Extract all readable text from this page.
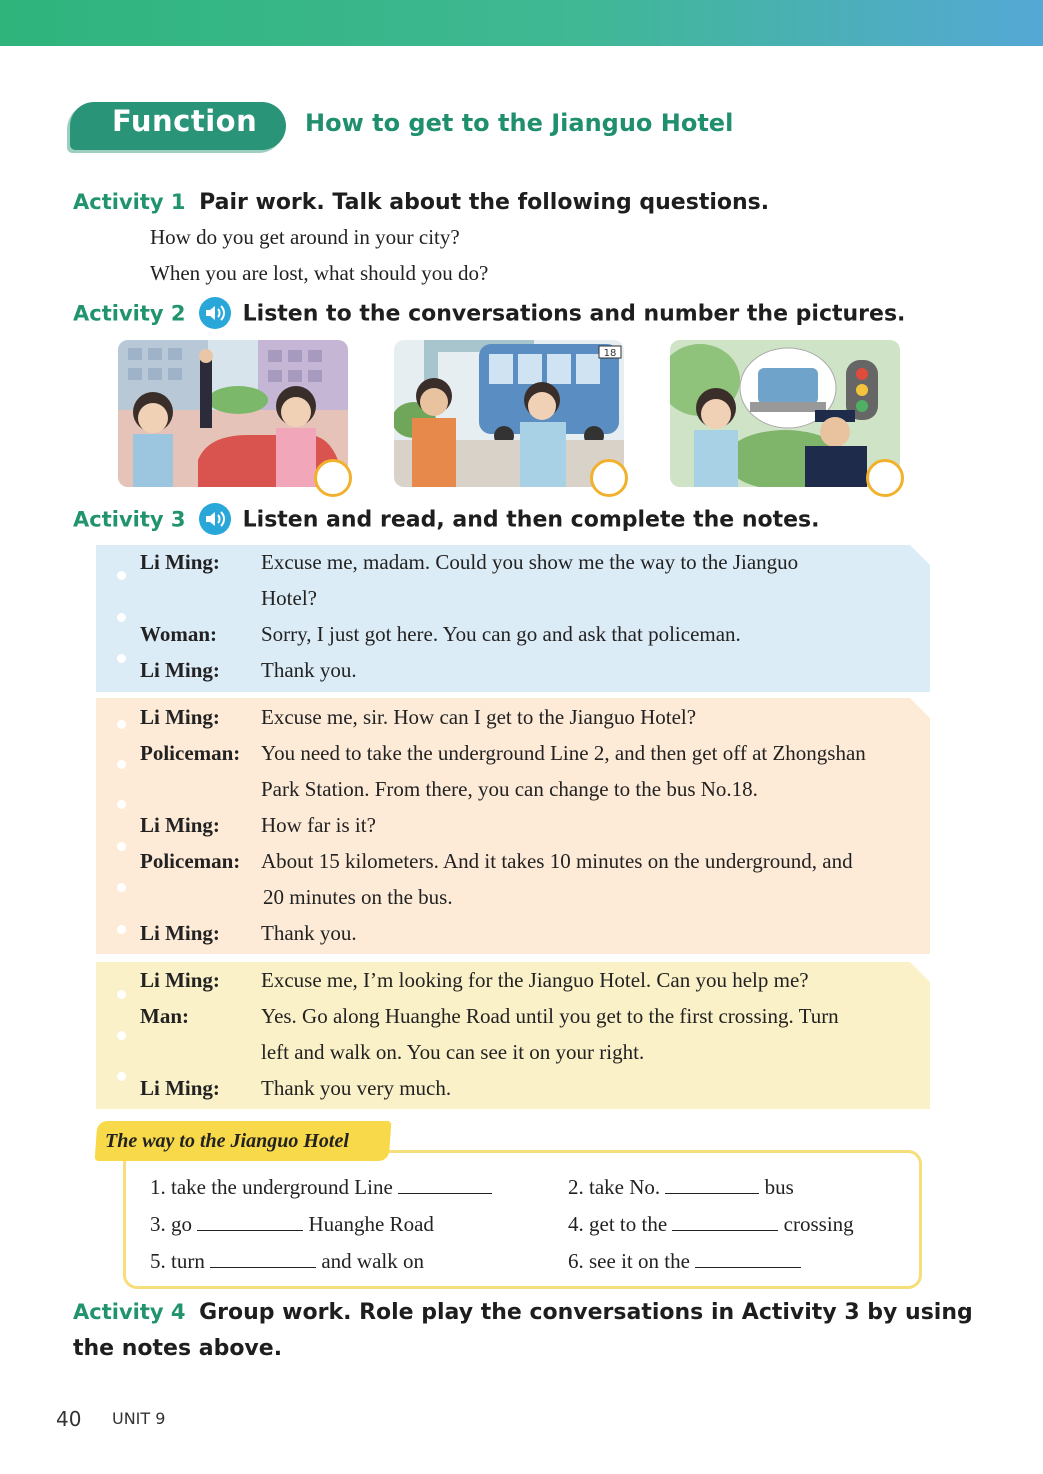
Function How to get to the Jianguo Hotel
Activity 1 Pair work. Talk about the following questions.
How do you get around in your city?
When you are lost, what should you do?
Activity 2	Listen to the conversations and number the pictures.
18
Activity 3	Listen and read, and then complete the notes.
Li Ming: Excuse me, madam. Could you show me the way to the Jianguo
Hotel?
Woman: Sorry, I just got here. You can go and ask that policeman.
Li Ming: Thank you.
Li Ming: Excuse me, sir. How can I get to the Jianguo Hotel?
Policeman: You need to take the underground Line 2, and then get off at Zhongshan
Park Station. From there, you can change to the bus No.18.
Li Ming: How far is it?
Policeman: About 15 kilometers. And it takes 10 minutes on the underground, and
20 minutes on the bus.
Li Ming: Thank you.
Li Ming: Excuse me, I’m looking for the Jianguo Hotel. Can you help me?
Man:	Yes. Go along Huanghe Road until you get to the first crossing. Turn
left and walk on. You can see it on your right.
Li Ming: Thank you very much.
The way to the Jianguo Hotel
1. take the underground Line	2. take No.	bus
3. go	Huanghe Road	4. get to the	crossing
5. turn	and walk on	6. see it on the
Activity 4 Group work. Role play the conversations in Activity 3 by using
the notes above.
40 UNIT 9
